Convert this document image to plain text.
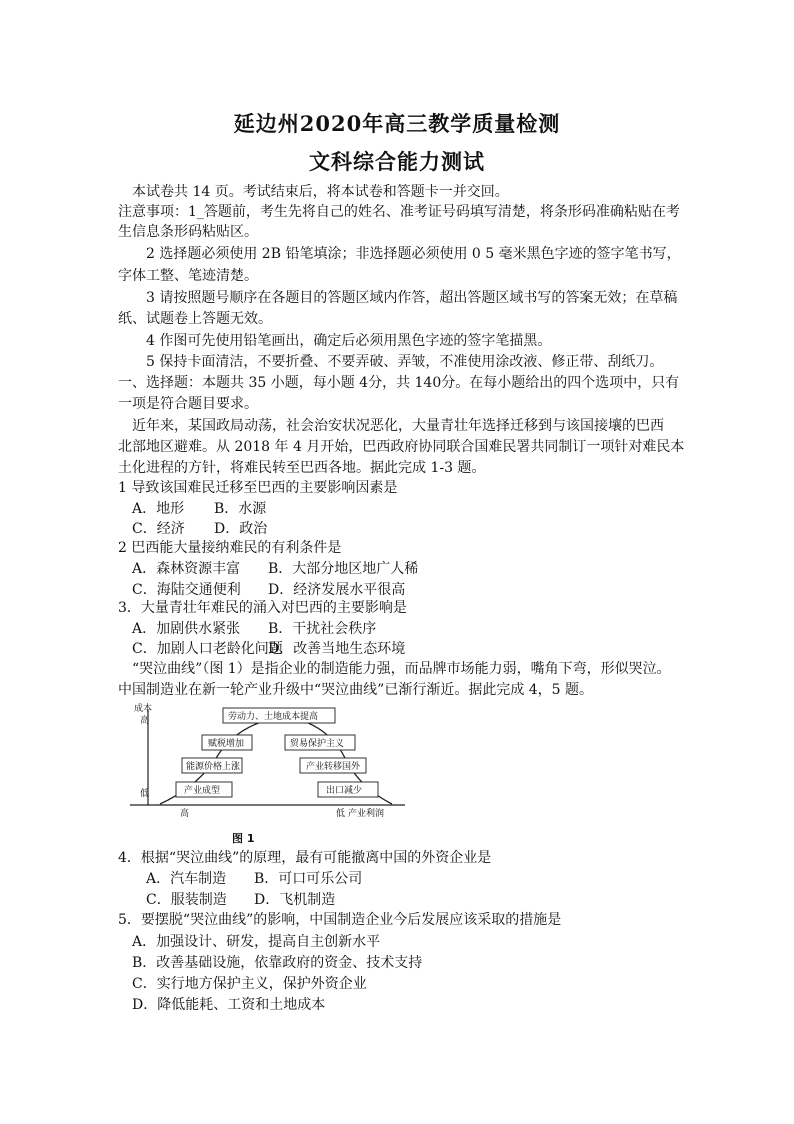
延边州2020年高三教学质量检测
文科综合能力测试
本试卷共 14 页。考试结束后，将本试卷和答题卡一并交回。
注意事项：1_答题前，考生先将自己的姓名、准考证号码填写清楚，将条形码准确粘贴在考
生信息条形码粘贴区。
2 选择题必须使用 2B 铅笔填涂；非选择题必须使用 0 5 毫米黑色字迹的签字笔书写，
字体工整、笔迹清楚。
3 请按照题号顺序在各题目的答题区域内作答，超出答题区域书写的答案无效；在草稿
纸、试题卷上答题无效。
4 作图可先使用铅笔画出，确定后必须用黑色字迹的签字笔描黑。
5 保持卡面清洁，不要折叠、不要弄破、弄皱，不准使用涂改液、修正带、刮纸刀。
一、选择题：本题共 35 小题，每小题 4分，共 140分。在每小题给出的四个选项中，只有
一项是符合题目要求。
近年来，某国政局动荡，社会治安状况恶化，大量青壮年选择迁移到与该国接壤的巴西
北部地区避难。从 2018 年 4 月开始，巴西政府协同联合国难民署共同制订一项针对难民本
土化进程的方针，将难民转至巴西各地。据此完成 1-3 题。
1 导致该国难民迁移至巴西的主要影响因素是
A．地形 B．水源
C．经济 D．政治
2 巴西能大量接纳难民的有利条件是
A．森林资源丰富 B．大部分地区地广人稀
C．海陆交通便利 D．经济发展水平很高
3．大量青壮年难民的涌入对巴西的主要影响是
A．加剧供水紧张 B．干扰社会秩序
C．加剧人口老龄化问题
D．改善当地生态环境
“哭泣曲线”（图 1）是指企业的制造能力强，而品牌市场能力弱，嘴角下弯，形似哭泣。
中国制造业在新一轮产业升级中“哭泣曲线”已渐行渐近。据此完成 4，5 题。
成本
高
低
高	低 产业利润
劳动力、土地成本提高
赋税增加
能源价格上涨
产业成型
贸易保护主义
产业转移国外
出口减少
图 1
4．根据“哭泣曲线”的原理，最有可能撤离中国的外资企业是
A．汽车制造 B．可口可乐公司
C．服装制造 D．飞机制造
5．要摆脱“哭泣曲线”的影响，中国制造企业今后发展应该采取的措施是
A．加强设计、研发，提高自主创新水平
B．改善基础设施，依靠政府的资金、技术支持
C．实行地方保护主义，保护外资企业
D．降低能耗、工资和土地成本
